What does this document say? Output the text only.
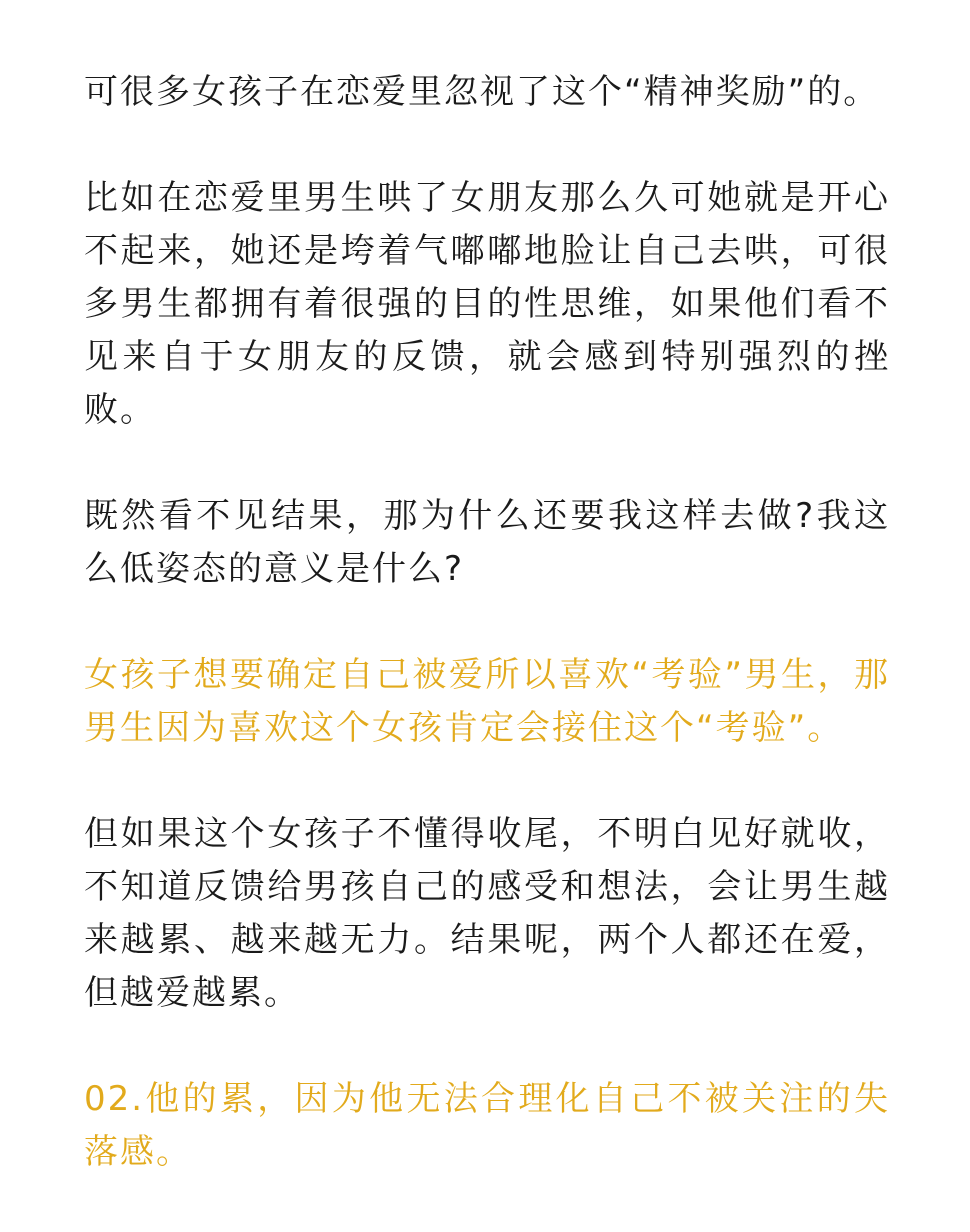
可很多女孩子在恋爱里忽视了这个“精神奖励”的。

比如在恋爱里男生哄了女朋友那么久可她就是开心不起来，她还是垮着气嘟嘟地脸让自己去哄，可很多男生都拥有着很强的目的性思维，如果他们看不见来自于女朋友的反馈，就会感到特别强烈的挫败。

既然看不见结果，那为什么还要我这样去做?我这么低姿态的意义是什么?

女孩子想要确定自己被爱所以喜欢“考验”男生，那男生因为喜欢这个女孩肯定会接住这个“考验”。

但如果这个女孩子不懂得收尾，不明白见好就收，不知道反馈给男孩自己的感受和想法，会让男生越来越累、越来越无力。结果呢，两个人都还在爱，但越爱越累。

02.他的累，因为他无法合理化自己不被关注的失落感。
